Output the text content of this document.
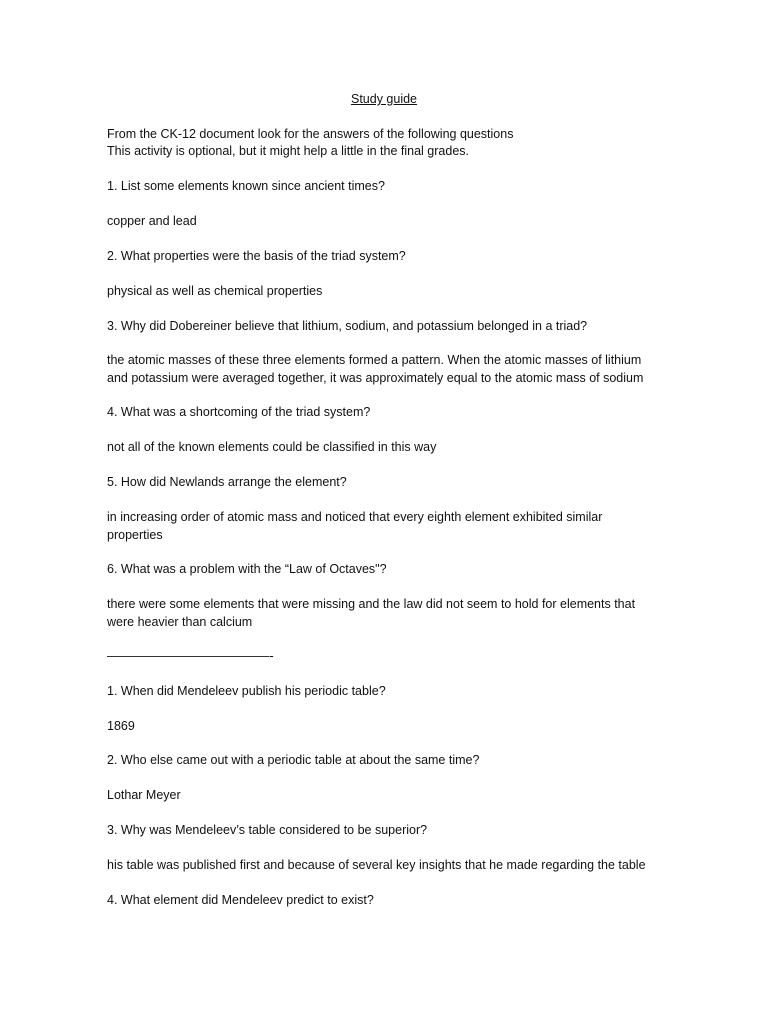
Study guide

From the CK-12 document look for the answers of the following questions

This activity is optional, but it might help a little in the final grades.

1. List some elements known since ancient times?

copper and lead

2. What properties were the basis of the triad system?

physical as well as chemical properties

3. Why did Dobereiner believe that lithium, sodium, and potassium belonged in a triad?

the atomic masses of these three elements formed a pattern. When the atomic masses of lithium and potassium were averaged together, it was approximately equal to the atomic mass of sodium

4. What was a shortcoming of the triad system?

not all of the known elements could be classified in this way

5. How did Newlands arrange the element?

in increasing order of atomic mass and noticed that every eighth element exhibited similar properties

6. What was a problem with the “Law of Octaves"?

there were some elements that were missing and the law did not seem to hold for elements that were heavier than calcium

—————————————-

1. When did Mendeleev publish his periodic table?

1869

2. Who else came out with a periodic table at about the same time?

Lothar Meyer

3. Why was Mendeleev’s table considered to be superior?

his table was published first and because of several key insights that he made regarding the table

4. What element did Mendeleev predict to exist?
